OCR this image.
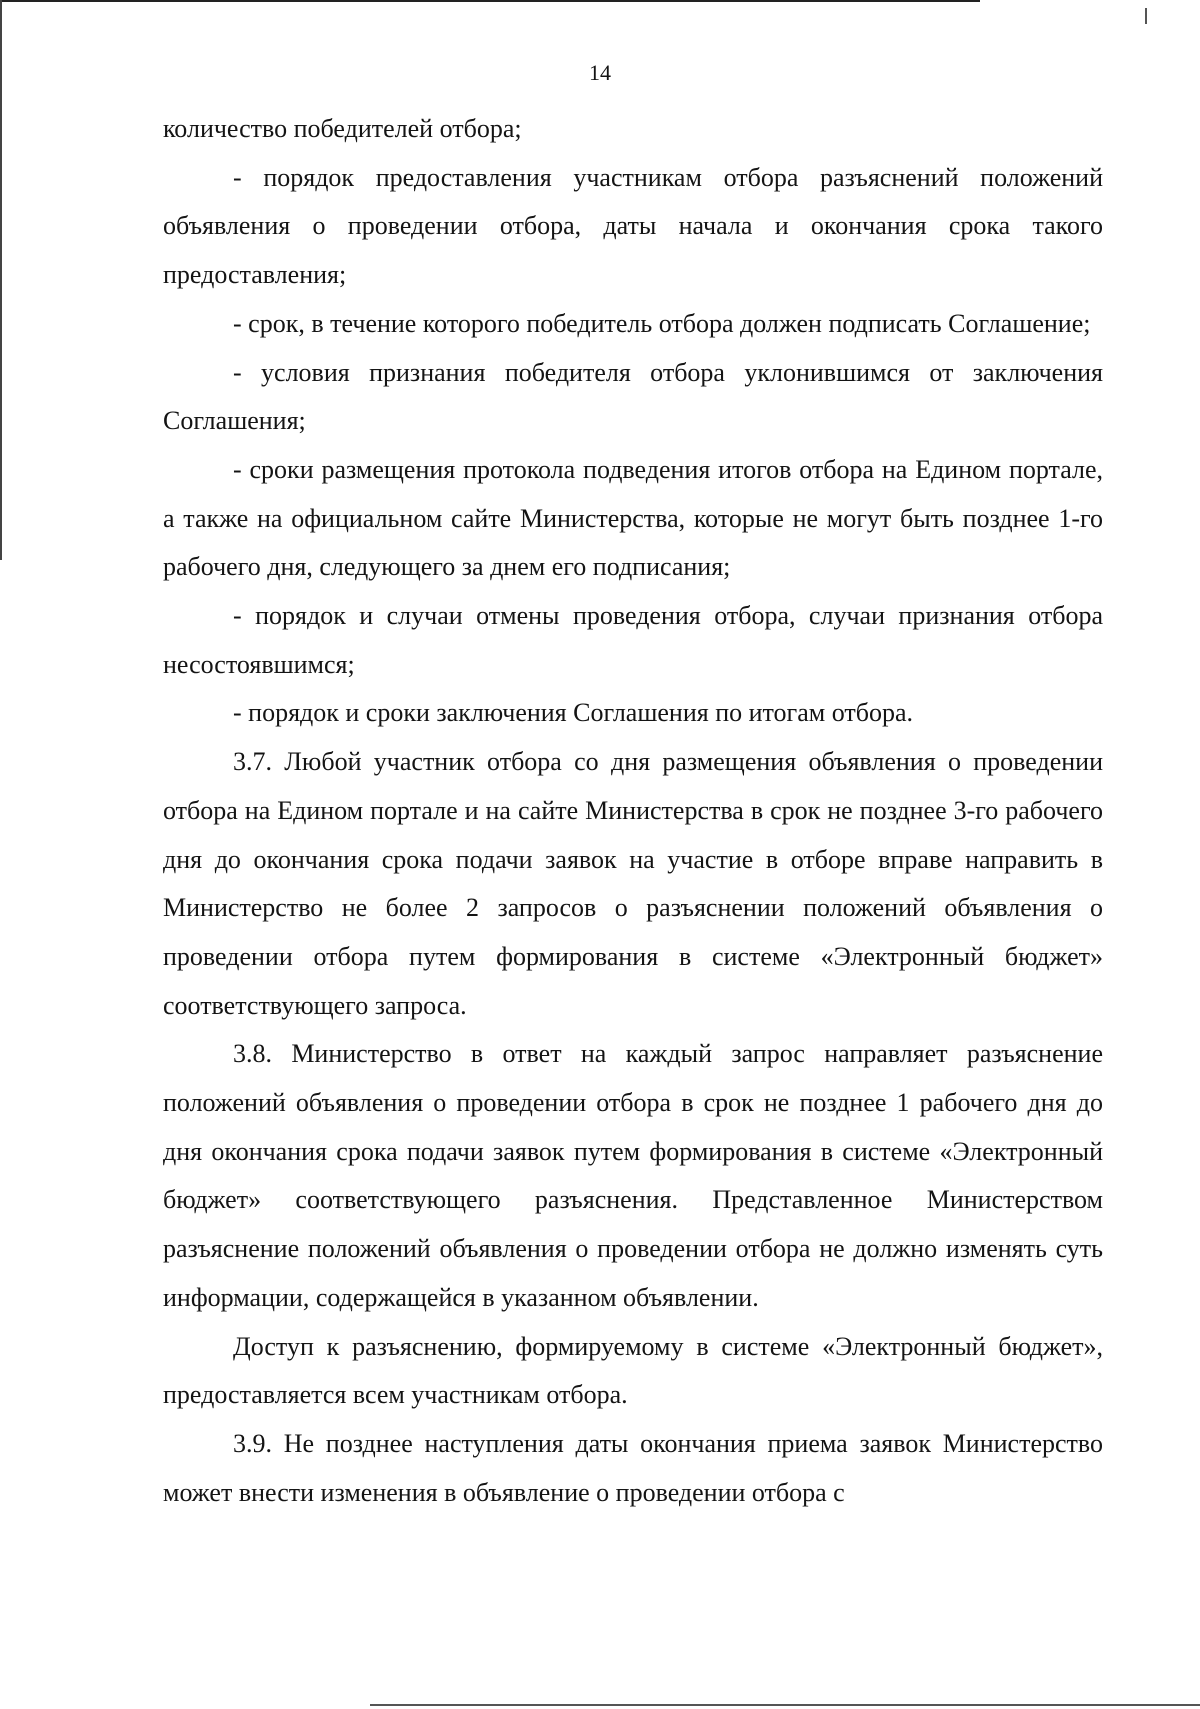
14

количество победителей отбора;

- порядок предоставления участникам отбора разъяснений положений объявления о проведении отбора, даты начала и окончания срока такого предоставления;

- срок, в течение которого победитель отбора должен подписать Соглашение;

- условия признания победителя отбора уклонившимся от заключения Соглашения;

- сроки размещения протокола подведения итогов отбора на Едином портале, а также на официальном сайте Министерства, которые не могут быть позднее 1-го рабочего дня, следующего за днем его подписания;

- порядок и случаи отмены проведения отбора, случаи признания отбора несостоявшимся;

- порядок и сроки заключения Соглашения по итогам отбора.

3.7. Любой участник отбора со дня размещения объявления о проведении отбора на Едином портале и на сайте Министерства в срок не позднее 3-го рабочего дня до окончания срока подачи заявок на участие в отборе вправе направить в Министерство не более 2 запросов о разъяснении положений объявления о проведении отбора путем формирования в системе «Электронный бюджет» соответствующего запроса.

3.8. Министерство в ответ на каждый запрос направляет разъяснение положений объявления о проведении отбора в срок не позднее 1 рабочего дня до дня окончания срока подачи заявок путем формирования в системе «Электронный бюджет» соответствующего разъяснения. Представленное Министерством разъяснение положений объявления о проведении отбора не должно изменять суть информации, содержащейся в указанном объявлении.

Доступ к разъяснению, формируемому в системе «Электронный бюджет», предоставляется всем участникам отбора.

3.9. Не позднее наступления даты окончания приема заявок Министерство может внести изменения в объявление о проведении отбора с
